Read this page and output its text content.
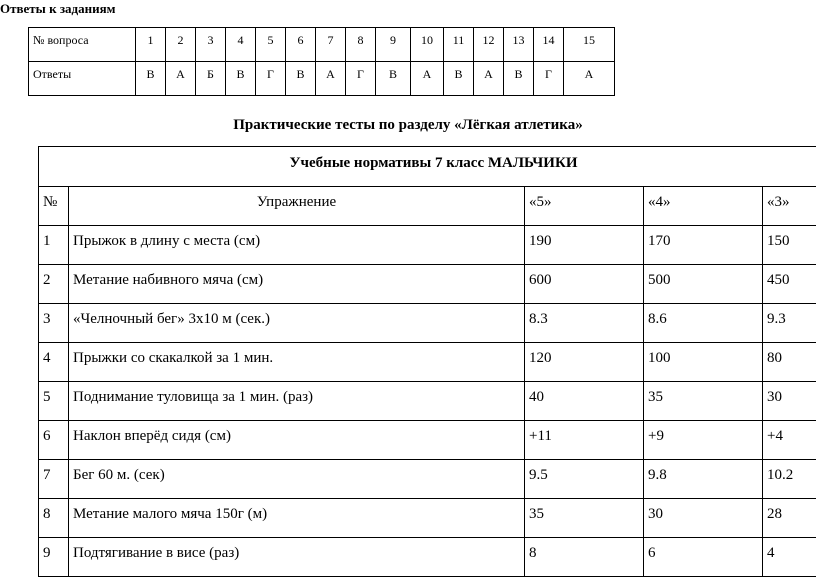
Ответы к заданиям
№ вопроса	1	2	3	4	5	6	7	8	9	10	11	12	13	14	15
Ответы	В	А	Б	В	Г	В	А	Г	В	А	В	А	В	Г	А
Практические тесты по разделу «Лёгкая атлетика»
Учебные нормативы 7 класс МАЛЬЧИКИ				
№	Упражнение	«5»	«4»	«3»
1	Прыжок в длину с места (см)	190	170	150
2	Метание набивного мяча (см)	600	500	450
3	«Челночный бег» 3х10 м (сек.)	8.3	8.6	9.3
4	Прыжки со скакалкой за 1 мин.	120	100	80
5	Поднимание туловища за 1 мин. (раз)	40	35	30
6	Наклон вперёд сидя (см)	+11	+9	+4
7	Бег 60 м. (сек)	9.5	9.8	10.2
8	Метание малого мяча 150г (м)	35	30	28
9	Подтягивание в висе (раз)	8	6	4
